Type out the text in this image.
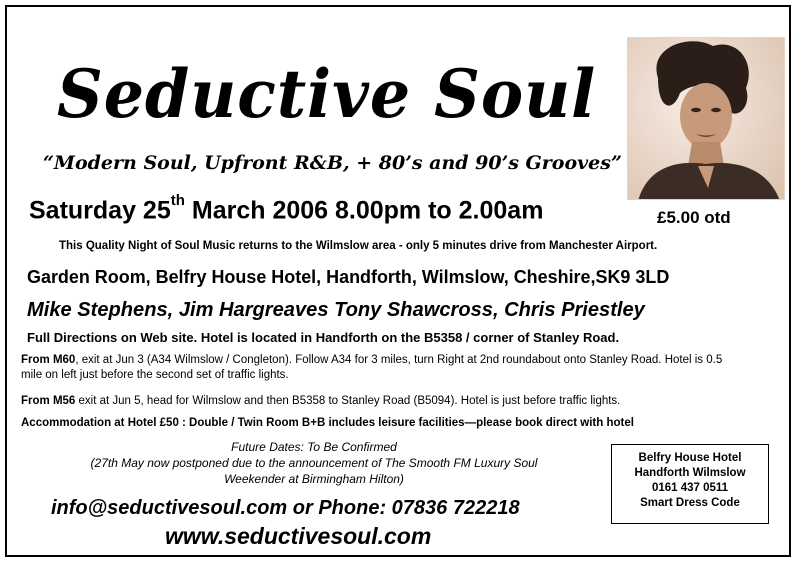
Seductive Soul
“Modern Soul, Upfront R&B, + 80’s and 90’s Grooves”
Saturday 25th March 2006 8.00pm to 2.00am	£5.00 otd
This Quality Night of Soul Music returns to the Wilmslow area - only 5 minutes drive from Manchester Airport.
Garden Room, Belfry House Hotel, Handforth, Wilmslow, Cheshire,SK9 3LD
Mike Stephens, Jim Hargreaves Tony Shawcross, Chris Priestley
Full Directions on Web site. Hotel is located in Handforth on the B5358 / corner of Stanley Road.
From M60, exit at Jun 3 (A34 Wilmslow / Congleton). Follow A34 for 3 miles, turn Right at 2nd roundabout onto Stanley Road. Hotel is 0.5 mile on left just before the second set of traffic lights.
From M56 exit at Jun 5, head for Wilmslow and then B5358 to Stanley Road (B5094). Hotel is just before traffic lights.
Accommodation at Hotel £50 : Double / Twin Room B+B includes leisure facilities—please book direct with hotel
Future Dates: To Be Confirmed
(27th May now postponed due to the announcement of The Smooth FM Luxury Soul
Weekender at Birmingham Hilton)
info@seductivesoul.com or Phone: 07836 722218
www.seductivesoul.com
Belfry House Hotel
Handforth Wilmslow
0161 437 0511
Smart Dress Code
